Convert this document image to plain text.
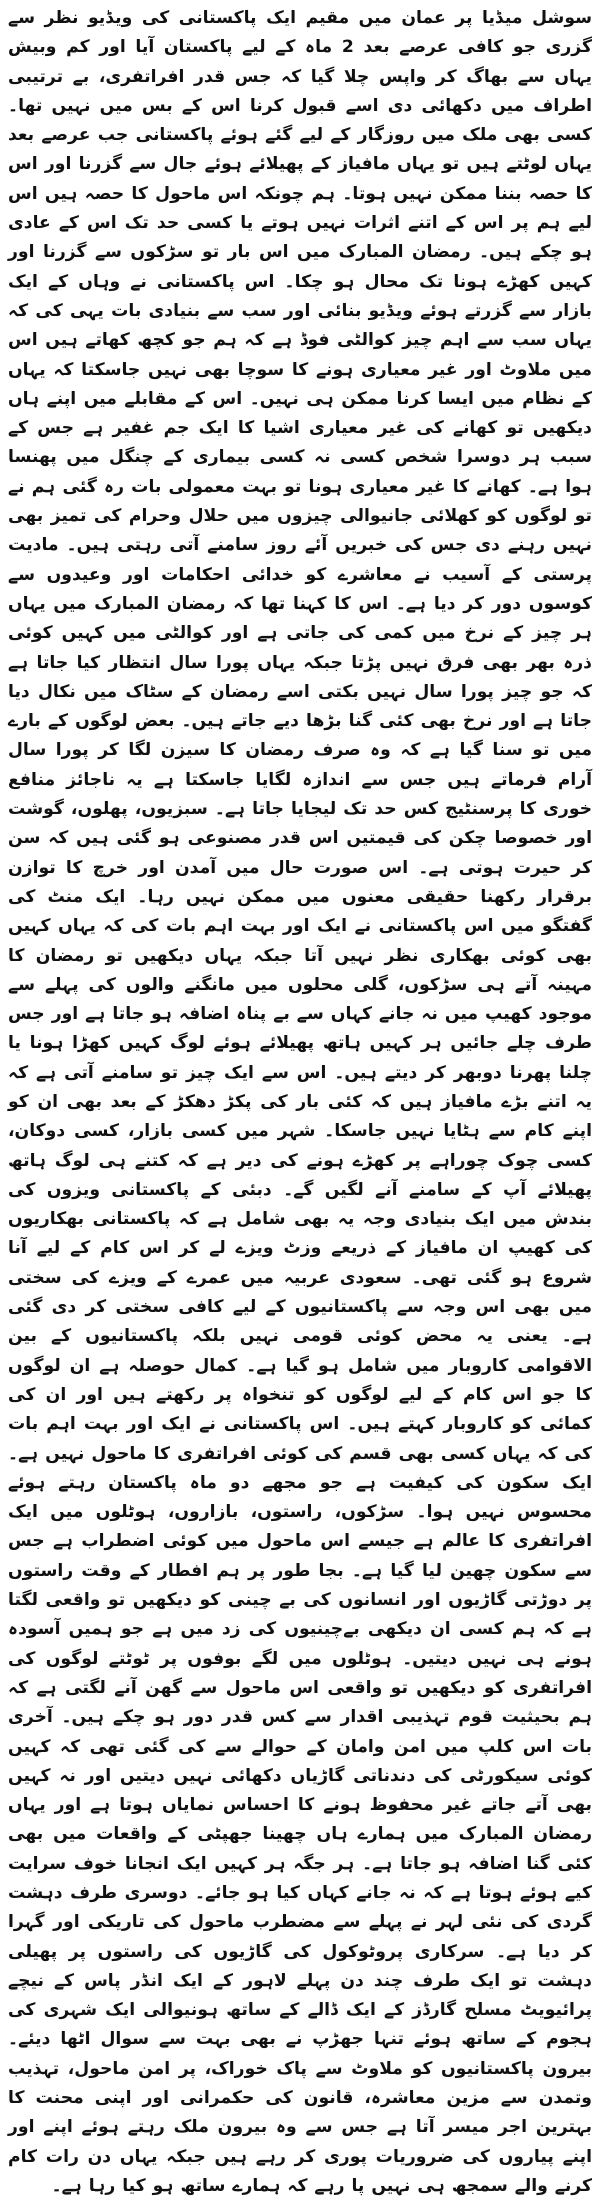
سوشل میڈیا پر عمان میں مقیم ایک پاکستانی کی ویڈیو نظر سے گزری جو کافی عرصے بعد 2 ماہ کے لیے پاکستان آیا اور کم وبیش یہاں سے بھاگ کر واپس چلا گیا کہ جس قدر افراتفری، بے ترتیبی اطراف میں دکھائی دی اسے قبول کرنا اس کے بس میں نہیں تھا۔ کسی بھی ملک میں روزگار کے لیے گئے ہوئے پاکستانی جب عرصے بعد یہاں لوٹتے ہیں تو یہاں مافیاز کے پھیلائے ہوئے جال سے گزرنا اور اس کا حصہ بننا ممکن نہیں ہوتا۔ ہم چونکہ اس ماحول کا حصہ ہیں اس لیے ہم پر اس کے اتنے اثرات نہیں ہوتے یا کسی حد تک اس کے عادی ہو چکے ہیں۔ رمضان المبارک میں اس بار تو سڑکوں سے گزرنا اور کہیں کھڑے ہونا تک محال ہو چکا۔ اس پاکستانی نے وہاں کے ایک بازار سے گزرتے ہوئے ویڈیو بنائی اور سب سے بنیادی بات یہی کی کہ یہاں سب سے اہم چیز کوالٹی فوڈ ہے کہ ہم جو کچھ کھاتے ہیں اس میں ملاوٹ اور غیر معیاری ہونے کا سوچا بھی نہیں جاسکتا کہ یہاں کے نظام میں ایسا کرنا ممکن ہی نہیں۔ اس کے مقابلے میں اپنے ہاں دیکھیں تو کھانے کی غیر معیاری اشیا کا ایک جم غفیر ہے جس کے سبب ہر دوسرا شخص کسی نہ کسی بیماری کے چنگل میں پھنسا ہوا ہے۔ کھانے کا غیر معیاری ہونا تو بہت معمولی بات رہ گئی ہم نے تو لوگوں کو کھلائی جانیوالی چیزوں میں حلال وحرام کی تمیز بھی نہیں رہنے دی جس کی خبریں آئے روز سامنے آتی رہتی ہیں۔ مادیت پرستی کے آسیب نے معاشرے کو خدائی احکامات اور وعیدوں سے کوسوں دور کر دیا ہے۔ اس کا کہنا تھا کہ رمضان المبارک میں یہاں ہر چیز کے نرخ میں کمی کی جاتی ہے اور کوالٹی میں کہیں کوئی ذرہ بھر بھی فرق نہیں پڑتا جبکہ یہاں پورا سال انتظار کیا جاتا ہے کہ جو چیز پورا سال نہیں بکتی اسے رمضان کے سٹاک میں نکال دیا جاتا ہے اور نرخ بھی کئی گنا بڑھا دیے جاتے ہیں۔ بعض لوگوں کے بارے میں تو سنا گیا ہے کہ وہ صرف رمضان کا سیزن لگا کر پورا سال آرام فرماتے ہیں جس سے اندازہ لگایا جاسکتا ہے یہ ناجائز منافع خوری کا پرسنٹیج کس حد تک لیجایا جاتا ہے۔ سبزیوں، پھلوں، گوشت اور خصوصا چکن کی قیمتیں اس قدر مصنوعی ہو گئی ہیں کہ سن کر حیرت ہوتی ہے۔ اس صورت حال میں آمدن اور خرچ کا توازن برقرار رکھنا حقیقی معنوں میں ممکن نہیں رہا۔ ایک منٹ کی گفتگو میں اس پاکستانی نے ایک اور بہت اہم بات کی کہ یہاں کہیں بھی کوئی بھکاری نظر نہیں آتا جبکہ یہاں دیکھیں تو رمضان کا مہینہ آتے ہی سڑکوں، گلی محلوں میں مانگنے والوں کی پہلے سے موجود کھیپ میں نہ جانے کہاں سے بے پناہ اضافہ ہو جاتا ہے اور جس طرف چلے جائیں ہر کہیں ہاتھ پھیلائے ہوئے لوگ کہیں کھڑا ہونا یا چلنا پھرنا دوبھر کر دیتے ہیں۔ اس سے ایک چیز تو سامنے آتی ہے کہ یہ اتنے بڑے مافیاز ہیں کہ کئی بار کی پکڑ دھکڑ کے بعد بھی ان کو اپنے کام سے ہٹایا نہیں جاسکا۔ شہر میں کسی بازار، کسی دوکان، کسی چوک چوراہے پر کھڑے ہونے کی دیر ہے کہ کتنے ہی لوگ ہاتھ پھیلائے آپ کے سامنے آنے لگیں گے۔ دبئی کے پاکستانی ویزوں کی بندش میں ایک بنیادی وجہ یہ بھی شامل ہے کہ پاکستانی بھکاریوں کی کھیپ ان مافیاز کے ذریعے وزٹ ویزے لے کر اس کام کے لیے آنا شروع ہو گئی تھی۔ سعودی عربیہ میں عمرے کے ویزے کی سختی میں بھی اس وجہ سے پاکستانیوں کے لیے کافی سختی کر دی گئی ہے۔ یعنی یہ محض کوئی قومی نہیں بلکہ پاکستانیوں کے بین الاقوامی کاروبار میں شامل ہو گیا ہے۔ کمال حوصلہ ہے ان لوگوں کا جو اس کام کے لیے لوگوں کو تنخواہ پر رکھتے ہیں اور ان کی کمائی کو کاروبار کہتے ہیں۔ اس پاکستانی نے ایک اور بہت اہم بات کی کہ یہاں کسی بھی قسم کی کوئی افراتفری کا ماحول نہیں ہے۔ ایک سکون کی کیفیت ہے جو مجھے دو ماہ پاکستان رہتے ہوئے محسوس نہیں ہوا۔ سڑکوں، راستوں، بازاروں، ہوٹلوں میں ایک افراتفری کا عالم ہے جیسے اس ماحول میں کوئی اضطراب ہے جس سے سکون چھین لیا گیا ہے۔ بجا طور پر ہم افطار کے وقت راستوں پر دوڑتی گاڑیوں اور انسانوں کی بے چینی کو دیکھیں تو واقعی لگتا ہے کہ ہم کسی ان دیکھی بےچینیوں کی زد میں ہے جو ہمیں آسودہ ہونے ہی نہیں دیتیں۔ ہوٹلوں میں لگے بوفوں پر ٹوٹتے لوگوں کی افراتفری کو دیکھیں تو واقعی اس ماحول سے گھن آنے لگتی ہے کہ ہم بحیثیت قوم تہذیبی اقدار سے کس قدر دور ہو چکے ہیں۔ آخری بات اس کلپ میں امن وامان کے حوالے سے کی گئی تھی کہ کہیں کوئی سیکورٹی کی دندناتی گاڑیاں دکھائی نہیں دیتیں اور نہ کہیں بھی آتے جاتے غیر محفوظ ہونے کا احساس نمایاں ہوتا ہے اور یہاں رمضان المبارک میں ہمارے ہاں چھینا جھپٹی کے واقعات میں بھی کئی گنا اضافہ ہو جاتا ہے۔ ہر جگہ ہر کہیں ایک انجانا خوف سرایت کیے ہوئے ہوتا ہے کہ نہ جانے کہاں کیا ہو جائے۔ دوسری طرف دہشت گردی کی نئی لہر نے پہلے سے مضطرب ماحول کی تاریکی اور گہرا کر دیا ہے۔ سرکاری پروٹوکول کی گاڑیوں کی راستوں پر پھیلی دہشت تو ایک طرف چند دن پہلے لاہور کے ایک انڈر پاس کے نیچے پرائیویٹ مسلح گارڈز کے ایک ڈالے کے ساتھ ہونیوالی ایک شہری کی ہجوم کے ساتھ ہوئے تنہا جھڑپ نے بھی بہت سے سوال اٹھا دیئے۔ بیرون پاکستانیوں کو ملاوٹ سے پاک خوراک، پر امن ماحول، تہذیب وتمدن سے مزین معاشرہ، قانون کی حکمرانی اور اپنی محنت کا بہترین اجر میسر آتا ہے جس سے وہ بیرون ملک رہتے ہوئے اپنے اور اپنے پیاروں کی ضروریات پوری کر رہے ہیں جبکہ یہاں دن رات کام کرنے والے سمجھ ہی نہیں پا رہے کہ ہمارے ساتھ ہو کیا رہا ہے۔
